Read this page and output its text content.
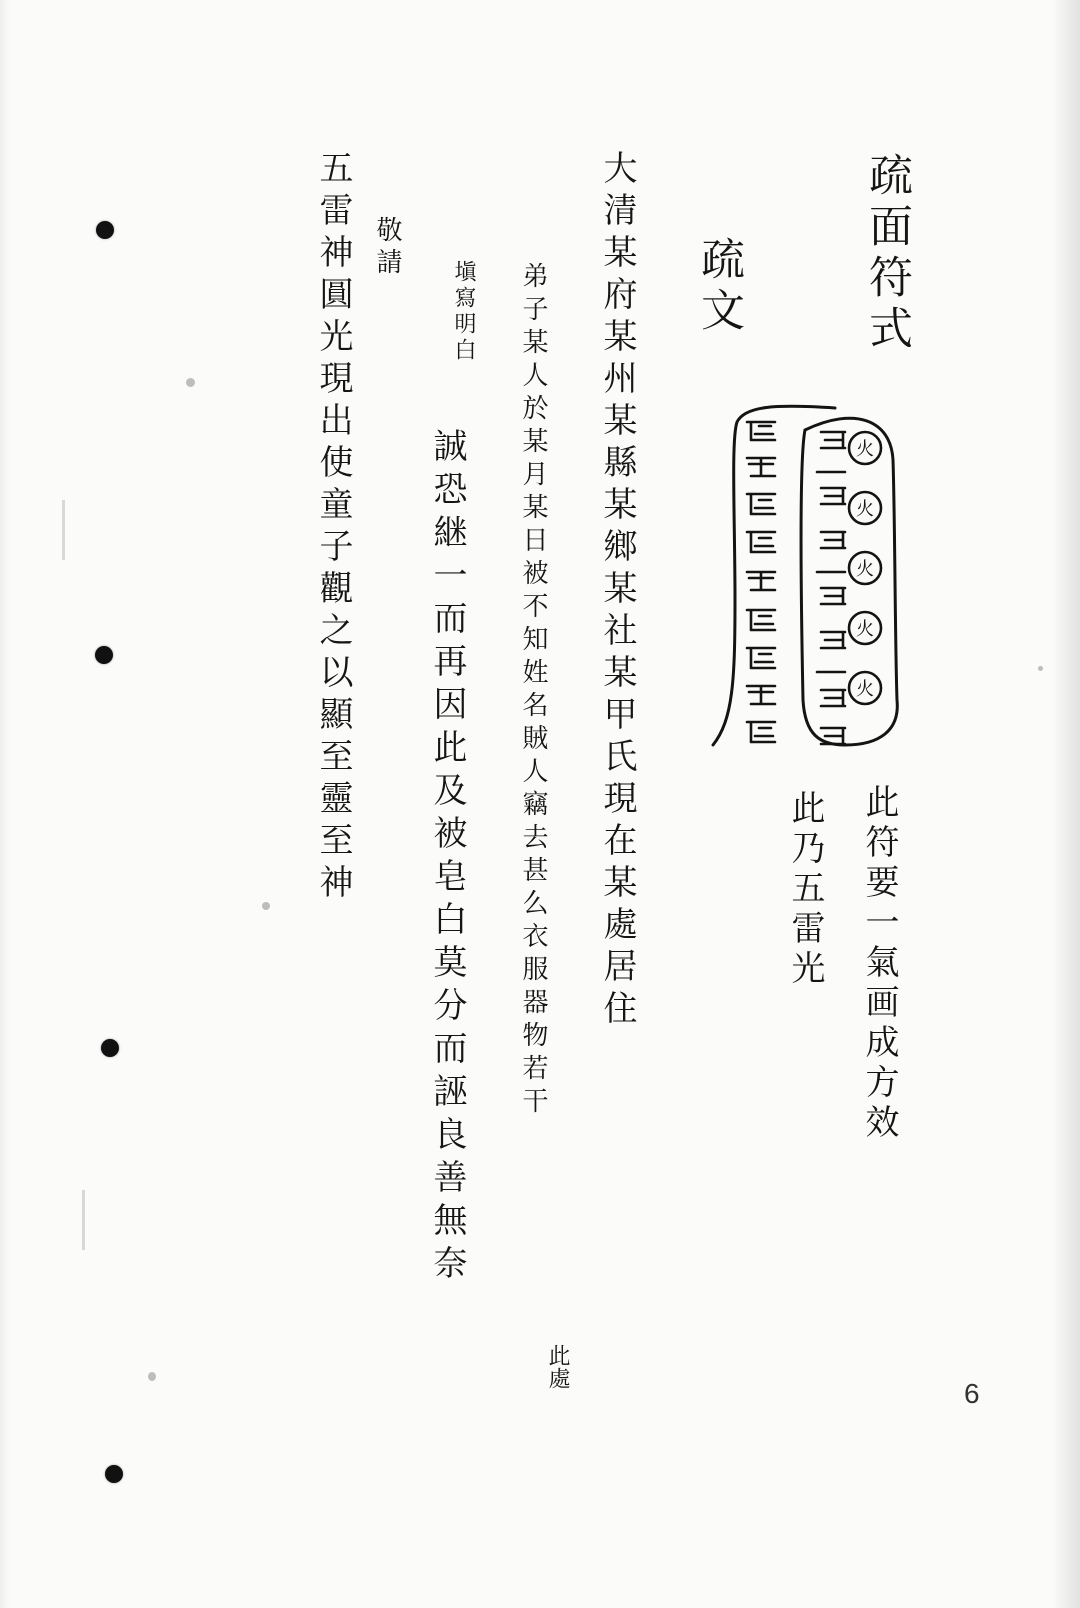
疏面符式
火
火
火
火
火
此符要一氣画成方效
此乃五雷光
疏文
大清某府某州某縣某鄉某社某甲氏現在某處居住
弟子某人於某月某日被不知姓名賊人竊去甚么衣服器物若干
此處
塡寫明白
誠恐継一而再因此及被皂白莫分而誣良善無奈
敬請
五雷神圓光現出使童子觀之以顯至靈至神
6
